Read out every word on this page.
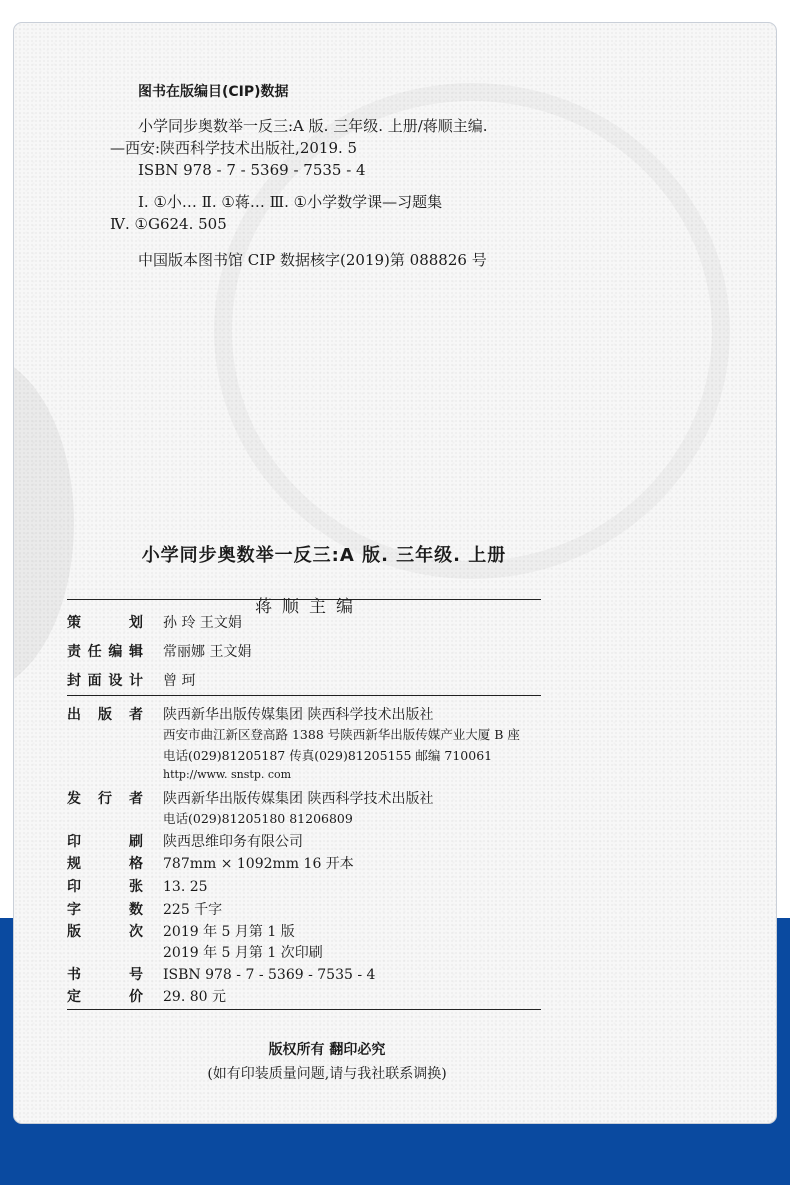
图书在版编目(CIP)数据
小学同步奥数举一反三:A 版. 三年级. 上册/蒋顺主编.
—西安:陕西科学技术出版社,2019. 5
ISBN 978 - 7 - 5369 - 7535 - 4
Ⅰ. ①小… Ⅱ. ①蒋… Ⅲ. ①小学数学课—习题集
Ⅳ. ①G624. 505
中国版本图书馆 CIP 数据核字(2019)第 088826 号
小学同步奥数举一反三:A 版. 三年级. 上册
蒋顺主编
策划 孙 玲 王文娟
责任编辑 常丽娜 王文娟
封面设计 曾 珂
出版者 陕西新华出版传媒集团 陕西科学技术出版社
西安市曲江新区登高路 1388 号陕西新华出版传媒产业大厦 B 座
电话(029)81205187 传真(029)81205155 邮编 710061
http://www. snstp. com
发行者 陕西新华出版传媒集团 陕西科学技术出版社
电话(029)81205180 81206809
印刷 陕西思维印务有限公司
规格 787mm × 1092mm 16 开本
印张 13. 25
字数 225 千字
版次 2019 年 5 月第 1 版
2019 年 5 月第 1 次印刷
书号 ISBN 978 - 7 - 5369 - 7535 - 4
定价 29. 80 元
版权所有 翻印必究
(如有印装质量问题,请与我社联系调换)
